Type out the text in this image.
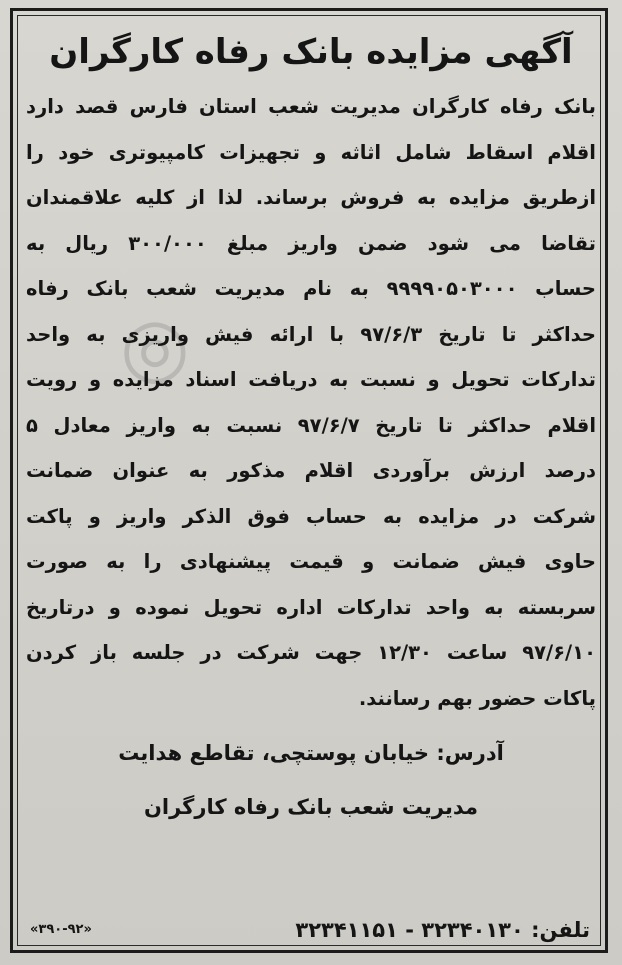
◎
آگهی مزایده بانک رفاه کارگران
بانک رفاه کارگران مدیریت شعب استان فارس قصد دارد
اقلام اسقاط شامل اثاثه و تجهیزات کامپیوتری خود را
ازطریق مزایده به فروش برساند. لذا از کلیه علاقمندان
تقاضا می شود ضمن واریز مبلغ ۳۰۰/۰۰۰ ریال به
حساب ۹۹۹۹۰۵۰۳۰۰۰ به نام مدیریت شعب بانک رفاه
حداکثر تا تاریخ ۹۷/۶/۳ با ارائه فیش واریزی به واحد
تدارکات تحویل و نسبت به دریافت اسناد مزایده و رویت
اقلام حداکثر تا تاریخ ۹۷/۶/۷ نسبت به واریز معادل ۵
درصد ارزش برآوردی اقلام مذکور به عنوان ضمانت
شرکت در مزایده به حساب فوق الذکر واریز و پاکت
حاوی فیش ضمانت و قیمت پیشنهادی را به صورت
سربسته به واحد تدارکات اداره تحویل نموده و درتاریخ
۹۷/۶/۱۰ ساعت ۱۲/۳۰ جهت شرکت در جلسه باز کردن
پاکات حضور بهم رسانند.
آدرس: خیابان پوستچی، تقاطع هدایت
مدیریت شعب بانک رفاه کارگران
تلفن: ۳۲۳۴۰۱۳۰ - ۳۲۳۴۱۱۵۱
«۳۹۰-۹۲»
